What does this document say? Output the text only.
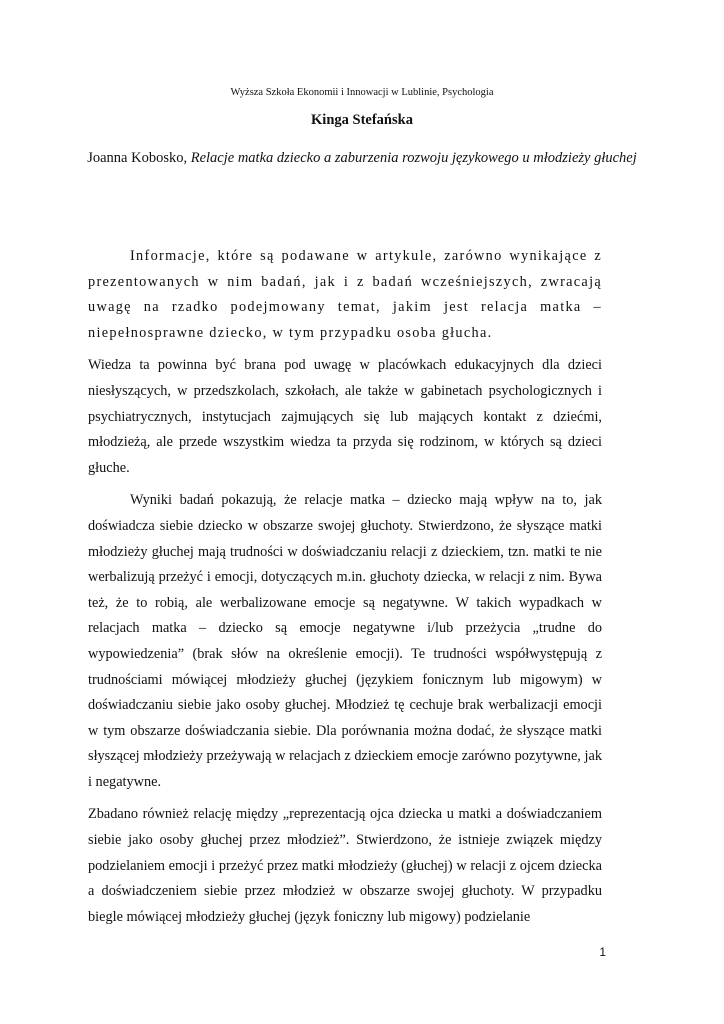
Wyższa Szkoła Ekonomii i Innowacji w Lublinie, Psychologia
Kinga Stefańska
Joanna Kobosko, Relacje matka dziecko a zaburzenia rozwoju językowego u młodzieży głuchej

Informacje, które są podawane w artykule, zarówno wynikające z prezentowanych w nim badań, jak i z badań wcześniejszych, zwracają uwagę na rzadko podejmowany temat, jakim jest relacja matka – niepełnosprawne dziecko, w tym przypadku osoba głucha.

Wiedza ta powinna być brana pod uwagę w placówkach edukacyjnych dla dzieci niesłyszących, w przedszkolach, szkołach, ale także w gabinetach psychologicznych i psychiatrycznych, instytucjach zajmujących się lub mających kontakt z dziećmi, młodzieżą, ale przede wszystkim wiedza ta przyda się rodzinom, w których są dzieci głuche.

Wyniki badań pokazują, że relacje matka – dziecko mają wpływ na to, jak doświadcza siebie dziecko w obszarze swojej głuchoty. Stwierdzono, że słyszące matki młodzieży głuchej mają trudności w doświadczaniu relacji z dzieckiem, tzn. matki te nie werbalizują przeżyć i emocji, dotyczących m.in. głuchoty dziecka, w relacji z nim. Bywa też, że to robią, ale werbalizowane emocje są negatywne. W takich wypadkach w relacjach matka – dziecko są emocje negatywne i/lub przeżycia „trudne do wypowiedzenia” (brak słów na określenie emocji). Te trudności współwystępują z trudnościami mówiącej młodzieży głuchej (językiem fonicznym lub migowym) w doświadczaniu siebie jako osoby głuchej. Młodzież tę cechuje brak werbalizacji emocji w tym obszarze doświadczania siebie. Dla porównania można dodać, że słyszące matki słyszącej młodzieży przeżywają w relacjach z dzieckiem emocje zarówno pozytywne, jak i negatywne.

Zbadano również relację między „reprezentacją ojca dziecka u matki a doświadczaniem siebie jako osoby głuchej przez młodzież”. Stwierdzono, że istnieje związek między podzielaniem emocji i przeżyć przez matki młodzieży (głuchej) w relacji z ojcem dziecka a doświadczeniem siebie przez młodzież w obszarze swojej głuchoty. W przypadku biegle mówiącej młodzieży głuchej (język foniczny lub migowy) podzielanie

1
